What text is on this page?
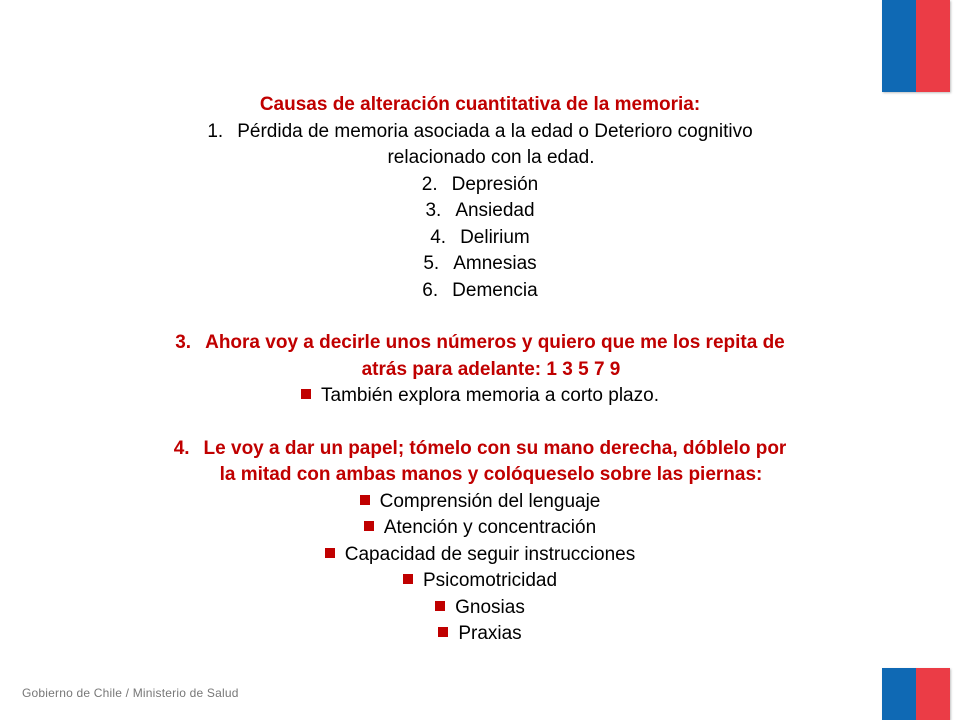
Causas de alteración cuantitativa de la memoria:
1. Pérdida de memoria asociada a la edad o Deterioro cognitivo
relacionado con la edad.
2. Depresión
3. Ansiedad
4. Delirium
5. Amnesias
6. Demencia
3. Ahora voy a decirle unos números y quiero que me los repita de
atrás para adelante: 1 3 5 7 9
También explora memoria a corto plazo.
4. Le voy a dar un papel; tómelo con su mano derecha, dóblelo por
la mitad con ambas manos y colóqueselo sobre las piernas:
Comprensión del lenguaje
Atención y concentración
Capacidad de seguir instrucciones
Psicomotricidad
Gnosias
Praxias
Gobierno de Chile / Ministerio de Salud
